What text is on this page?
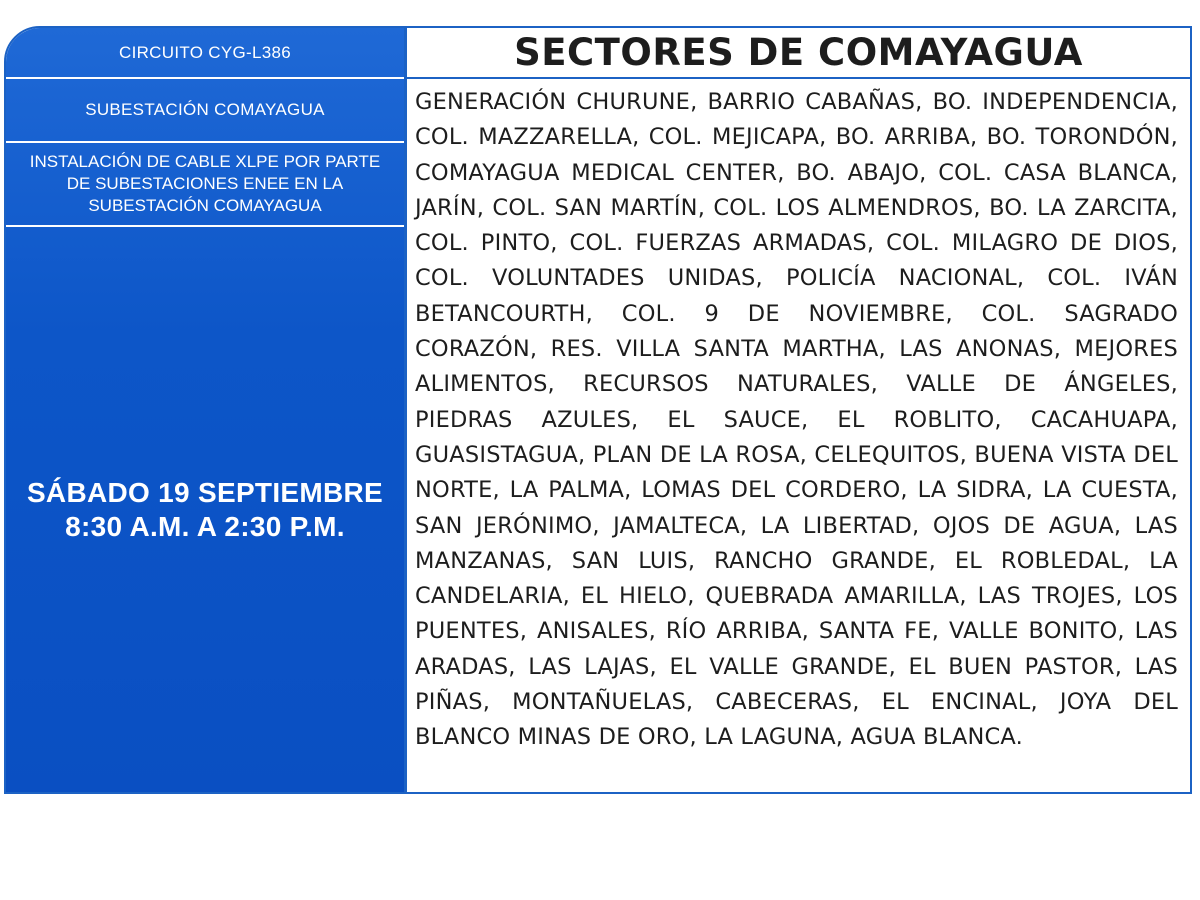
CIRCUITO CYG-L386
SUBESTACIÓN COMAYAGUA
INSTALACIÓN DE CABLE XLPE POR PARTE DE SUBESTACIONES ENEE EN LA SUBESTACIÓN COMAYAGUA
SÁBADO 19 SEPTIEMBRE
8:30 A.M. A 2:30 P.M.
SECTORES DE COMAYAGUA
GENERACIÓN CHURUNE, BARRIO CABAÑAS, BO. INDEPENDENCIA, COL. MAZZARELLA, COL. MEJICAPA, BO. ARRIBA, BO. TORONDÓN, COMAYAGUA MEDICAL CENTER, BO. ABAJO, COL. CASA BLANCA, JARÍN, COL. SAN MARTÍN, COL. LOS ALMENDROS, BO. LA ZARCITA, COL. PINTO, COL. FUERZAS ARMADAS, COL. MILAGRO DE DIOS, COL. VOLUNTADES UNIDAS, POLICÍA NACIONAL, COL. IVÁN BETANCOURTH, COL. 9 DE NOVIEMBRE, COL. SAGRADO CORAZÓN, RES. VILLA SANTA MARTHA, LAS ANONAS, MEJORES ALIMENTOS, RECURSOS NATURALES, VALLE DE ÁNGELES, PIEDRAS AZULES, EL SAUCE, EL ROBLITO, CACAHUAPA, GUASISTAGUA, PLAN DE LA ROSA, CELEQUITOS, BUENA VISTA DEL NORTE, LA PALMA, LOMAS DEL CORDERO, LA SIDRA, LA CUESTA, SAN JERÓNIMO, JAMALTECA, LA LIBERTAD, OJOS DE AGUA, LAS MANZANAS, SAN LUIS, RANCHO GRANDE, EL ROBLEDAL, LA CANDELARIA, EL HIELO, QUEBRADA AMARILLA, LAS TROJES, LOS PUENTES, ANISALES, RÍO ARRIBA, SANTA FE, VALLE BONITO, LAS ARADAS, LAS LAJAS, EL VALLE GRANDE, EL BUEN PASTOR, LAS PIÑAS, MONTAÑUELAS, CABECERAS, EL ENCINAL, JOYA DEL BLANCO MINAS DE ORO, LA LAGUNA, AGUA BLANCA.
